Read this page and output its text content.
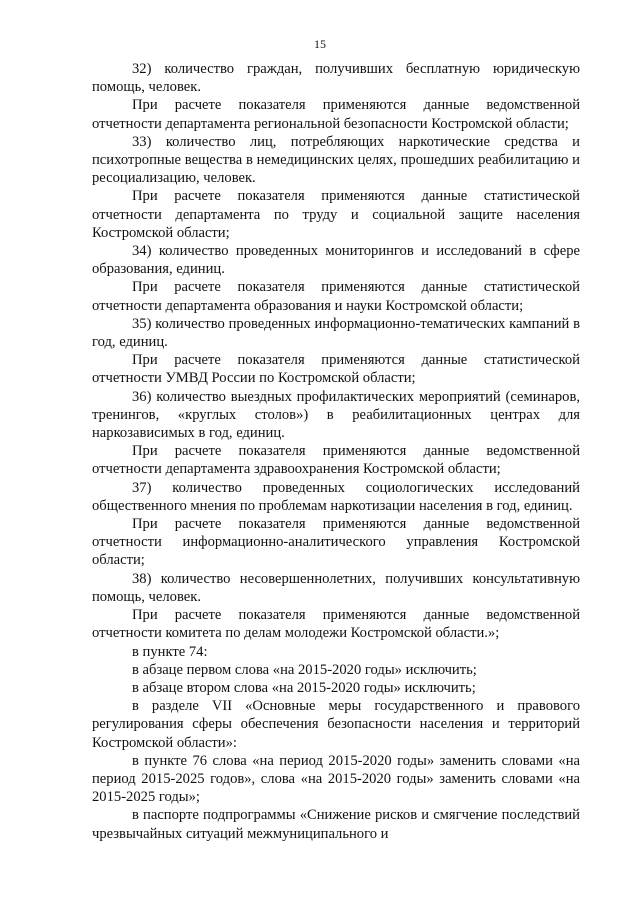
15

32) количество граждан, получивших бесплатную юридическую помощь, человек.

При расчете показателя применяются данные ведомственной отчетности департамента региональной безопасности Костромской области;

33) количество лиц, потребляющих наркотические средства и психотропные вещества в немедицинских целях, прошедших реабилитацию и ресоциализацию, человек.

При расчете показателя применяются данные статистической отчетности департамента по труду и социальной защите населения Костромской области;

34) количество проведенных мониторингов и исследований в сфере образования, единиц.

При расчете показателя применяются данные статистической отчетности департамента образования и науки Костромской области;

35) количество проведенных информационно-тематических кампаний в год, единиц.

При расчете показателя применяются данные статистической отчетности УМВД России по Костромской области;

36) количество выездных профилактических мероприятий (семинаров, тренингов, «круглых столов») в реабилитационных центрах для наркозависимых в год, единиц.

При расчете показателя применяются данные ведомственной отчетности департамента здравоохранения Костромской области;

37) количество проведенных социологических исследований общественного мнения по проблемам наркотизации населения в год, единиц.

При расчете показателя применяются данные ведомственной отчетности информационно-аналитического управления Костромской области;

38) количество несовершеннолетних, получивших консультативную помощь, человек.

При расчете показателя применяются данные ведомственной отчетности комитета по делам молодежи Костромской области.»;

в пункте 74:

в абзаце первом слова «на 2015-2020 годы» исключить;

в абзаце втором слова «на 2015-2020 годы» исключить;

в разделе VII «Основные меры государственного и правового регулирования сферы обеспечения безопасности населения и территорий Костромской области»:

в пункте 76 слова «на период 2015-2020 годы» заменить словами «на период 2015-2025 годов», слова «на 2015-2020 годы» заменить словами «на 2015-2025 годы»;

в паспорте подпрограммы «Снижение рисков и смягчение последствий чрезвычайных ситуаций межмуниципального и
